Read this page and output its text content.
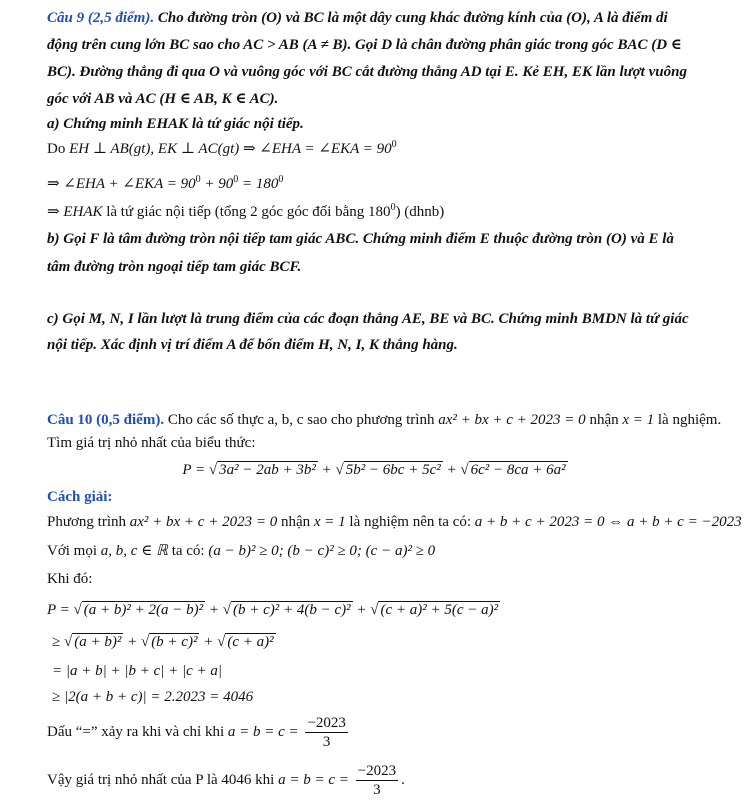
Câu 9 (2,5 điểm). Cho đường tròn (O) và BC là một dây cung khác đường kính của (O), A là điểm di
động trên cung lớn BC sao cho AC > AB (A ≠ B). Gọi D là chân đường phân giác trong góc BAC (D ∈
BC). Đường thẳng đi qua O và vuông góc với BC cắt đường thẳng AD tại E. Kẻ EH, EK lần lượt vuông
góc với AB và AC (H ∈ AB, K ∈ AC).
a) Chứng minh EHAK là tứ giác nội tiếp.
Do EH ⊥ AB(gt), EK ⊥ AC(gt) ⇒ ∠EHA = ∠EKA = $90^0$
⇒ ∠EHA + ∠EKA = $90^0 + 90^0 = 180^0$
⇒ EHAK là tứ giác nội tiếp (tổng 2 góc góc đối bằng $180^0$) (dhnb)
b) Gọi F là tâm đường tròn nội tiếp tam giác ABC. Chứng minh điểm E thuộc đường tròn (O) và E là
tâm đường tròn ngoại tiếp tam giác BCF.
c) Gọi M, N, I lần lượt là trung điểm của các đoạn thẳng AE, BE và BC. Chứng minh BMDN là tứ giác
nội tiếp. Xác định vị trí điểm A để bốn điểm H, N, I, K thẳng hàng.
Câu 10 (0,5 điểm). Cho các số thực a, b, c sao cho phương trình ax² + bx + c + 2023 = 0 nhận x = 1 là nghiệm.
Tìm giá trị nhỏ nhất của biểu thức:
P = √ 3a² − 2ab + 3b² + √ 5b² − 6bc + 5c² + √ 6c² − 8ca + 6a²
Cách giải:
Phương trình ax² + bx + c + 2023 = 0 nhận x = 1 là nghiệm nên ta có: a + b + c + 2023 = 0 ⇔ a + b + c = −2023
Với mọi a, b, c ∈ ℝ ta có: (a − b)² ≥ 0; (b − c)² ≥ 0; (c − a)² ≥ 0
Khi đó:
P = √ (a + b)² + 2(a − b)² + √ (b + c)² + 4(b − c)² + √ (c + a)² + 5(c − a)²
≥ √ (a + b)² + √ (b + c)² + √ (c + a)²
= |a + b| + |b + c| + |c + a|
≥ |2(a + b + c)| = 2.2023 = 4046
Dấu “=” xảy ra khi và chỉ khi $a = b = c = \frac{-2023}{3}$
Vậy giá trị nhỏ nhất của P là 4046 khi $a = b = c = \frac{-2023}{3}$ .
